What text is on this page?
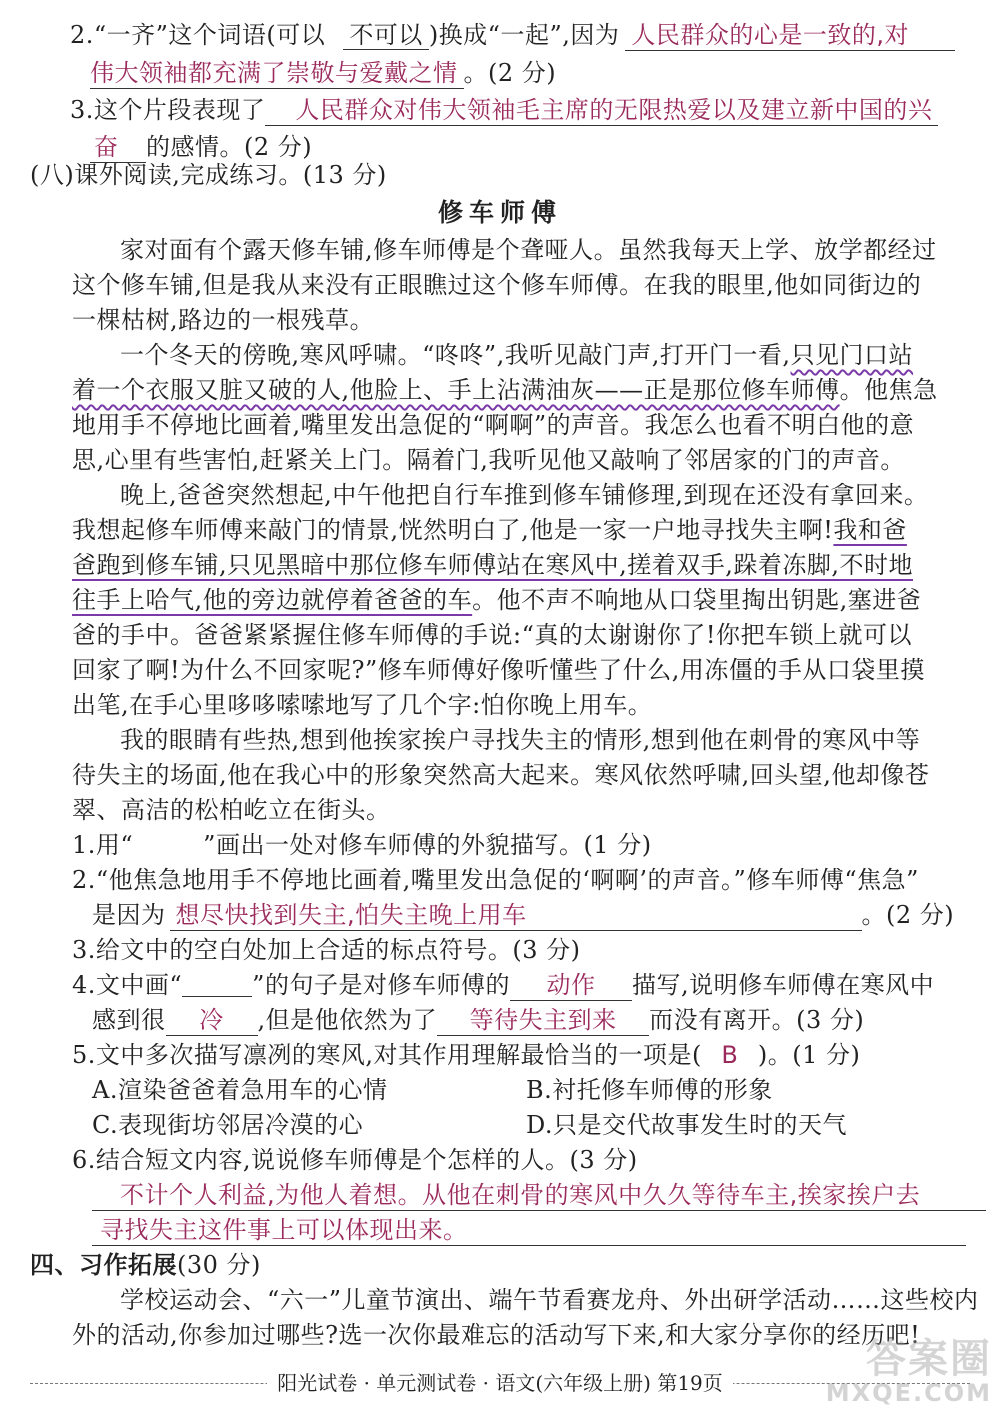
2.“一齐”这个词语(可以 不可以 )换成“一起”,因为 人民群众的心是一致的,对
伟大领袖都充满了崇敬与爱戴之情 。(2 分)
3.这个片段表现了 人民群众对伟大领袖毛主席的无限热爱以及建立新中国的兴
奋 的感情。(2 分)
(八)课外阅读,完成练习。(13 分)
修车师傅
家对面有个露天修车铺,修车师傅是个聋哑人。虽然我每天上学、放学都经过
这个修车铺,但是我从来没有正眼瞧过这个修车师傅。在我的眼里,他如同街边的
一棵枯树,路边的一根残草。
一个冬天的傍晚,寒风呼啸。“咚咚”,我听见敲门声,打开门一看,只见门口站
着一个衣服又脏又破的人,他脸上、手上沾满油灰——正是那位修车师傅。他焦急
地用手不停地比画着,嘴里发出急促的“啊啊”的声音。我怎么也看不明白他的意
思,心里有些害怕,赶紧关上门。隔着门,我听见他又敲响了邻居家的门的声音。
晚上,爸爸突然想起,中午他把自行车推到修车铺修理,到现在还没有拿回来。
我想起修车师傅来敲门的情景,恍然明白了,他是一家一户地寻找失主啊!我和爸
爸跑到修车铺,只见黑暗中那位修车师傅站在寒风中,搓着双手,跺着冻脚,不时地
往手上哈气,他的旁边就停着爸爸的车。他不声不响地从口袋里掏出钥匙,塞进爸
爸的手中。爸爸紧紧握住修车师傅的手说:“真的太谢谢你了!你把车锁上就可以
回家了啊!为什么不回家呢?”修车师傅好像听懂些了什么,用冻僵的手从口袋里摸
出笔,在手心里哆哆嗦嗦地写了几个字:怕你晚上用车。
我的眼睛有些热,想到他挨家挨户寻找失主的情形,想到他在刺骨的寒风中等
待失主的场面,他在我心中的形象突然高大起来。寒风依然呼啸,回头望,他却像苍
翠、高洁的松柏屹立在街头。
1.用“	”画出一处对修车师傅的外貌描写。(1 分)
2.“他焦急地用手不停地比画着,嘴里发出急促的‘啊啊’的声音。”修车师傅“焦急”
是因为 想尽快找到失主,怕失主晚上用车	。(2 分)
3.给文中的空白处加上合适的标点符号。(3 分)
4.文中画“	”的句子是对修车师傅的 动作 描写,说明修车师傅在寒风中
感到很 冷 ,但是他依然为了 等待失主到来 而没有离开。(3 分)
5.文中多次描写凛冽的寒风,对其作用理解最恰当的一项是( B )。(1 分)
A.渲染爸爸着急用车的心情	B.衬托修车师傅的形象
C.表现街坊邻居冷漠的心	D.只是交代故事发生时的天气
6.结合短文内容,说说修车师傅是个怎样的人。(3 分)
不计个人利益,为他人着想。从他在刺骨的寒风中久久等待车主,挨家挨户去
寻找失主这件事上可以体现出来。
四、习作拓展(30 分)
学校运动会、“六一”儿童节演出、端午节看赛龙舟、外出研学活动……这些校内
外的活动,你参加过哪些?选一次你最难忘的活动写下来,和大家分享你的经历吧!
阳光试卷 · 单元测试卷 · 语文(六年级上册) 第19页
答案圈
MXQE.COM
